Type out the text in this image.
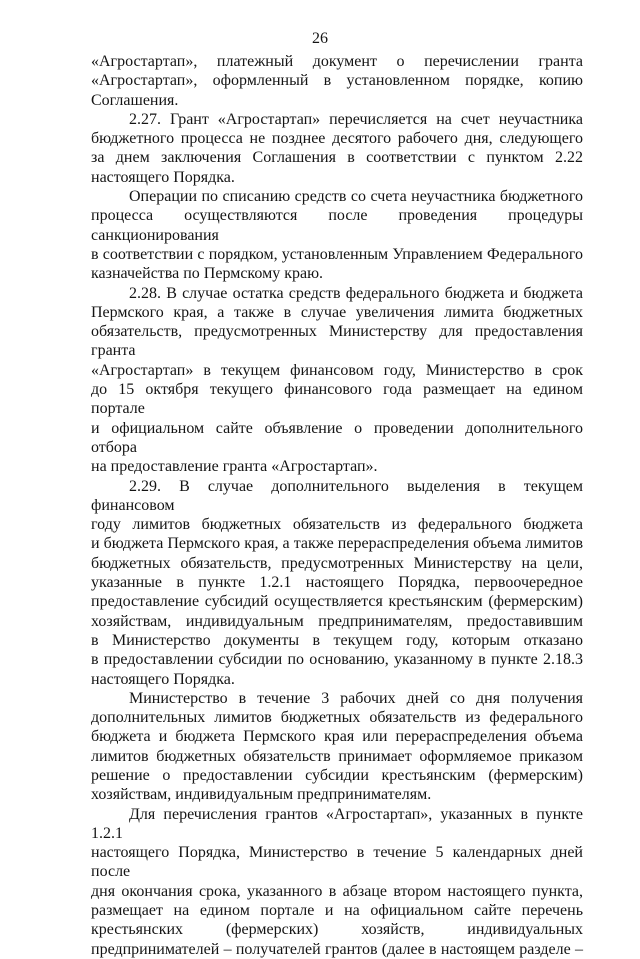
26
«Агростартап», платежный документ о перечислении гранта
«Агростартап», оформленный в установленном порядке, копию
Соглашения.
2.27. Грант «Агростартап» перечисляется на счет неучастника
бюджетного процесса не позднее десятого рабочего дня, следующего
за днем заключения Соглашения в соответствии с пунктом 2.22
настоящего Порядка.
Операции по списанию средств со счета неучастника бюджетного
процесса осуществляются после проведения процедуры санкционирования
в соответствии с порядком, установленным Управлением Федерального
казначейства по Пермскому краю.
2.28. В случае остатка средств федерального бюджета и бюджета
Пермского края, а также в случае увеличения лимита бюджетных
обязательств, предусмотренных Министерству для предоставления гранта
«Агростартап» в текущем финансовом году, Министерство в срок
до 15 октября текущего финансового года размещает на едином портале
и официальном сайте объявление о проведении дополнительного отбора
на предоставление гранта «Агростартап».
2.29. В случае дополнительного выделения в текущем финансовом
году лимитов бюджетных обязательств из федерального бюджета
и бюджета Пермского края, а также перераспределения объема лимитов
бюджетных обязательств, предусмотренных Министерству на цели,
указанные в пункте 1.2.1 настоящего Порядка, первоочередное
предоставление субсидий осуществляется крестьянским (фермерским)
хозяйствам, индивидуальным предпринимателям, предоставившим
в Министерство документы в текущем году, которым отказано
в предоставлении субсидии по основанию, указанному в пункте 2.18.3
настоящего Порядка.
Министерство в течение 3 рабочих дней со дня получения
дополнительных лимитов бюджетных обязательств из федерального
бюджета и бюджета Пермского края или перераспределения объема
лимитов бюджетных обязательств принимает оформляемое приказом
решение о предоставлении субсидии крестьянским (фермерским)
хозяйствам, индивидуальным предпринимателям.
Для перечисления грантов «Агростартап», указанных в пункте 1.2.1
настоящего Порядка, Министерство в течение 5 календарных дней после
дня окончания срока, указанного в абзаце втором настоящего пункта,
размещает на едином портале и на официальном сайте перечень
крестьянских (фермерских) хозяйств, индивидуальных
предпринимателей – получателей грантов (далее в настоящем разделе –
